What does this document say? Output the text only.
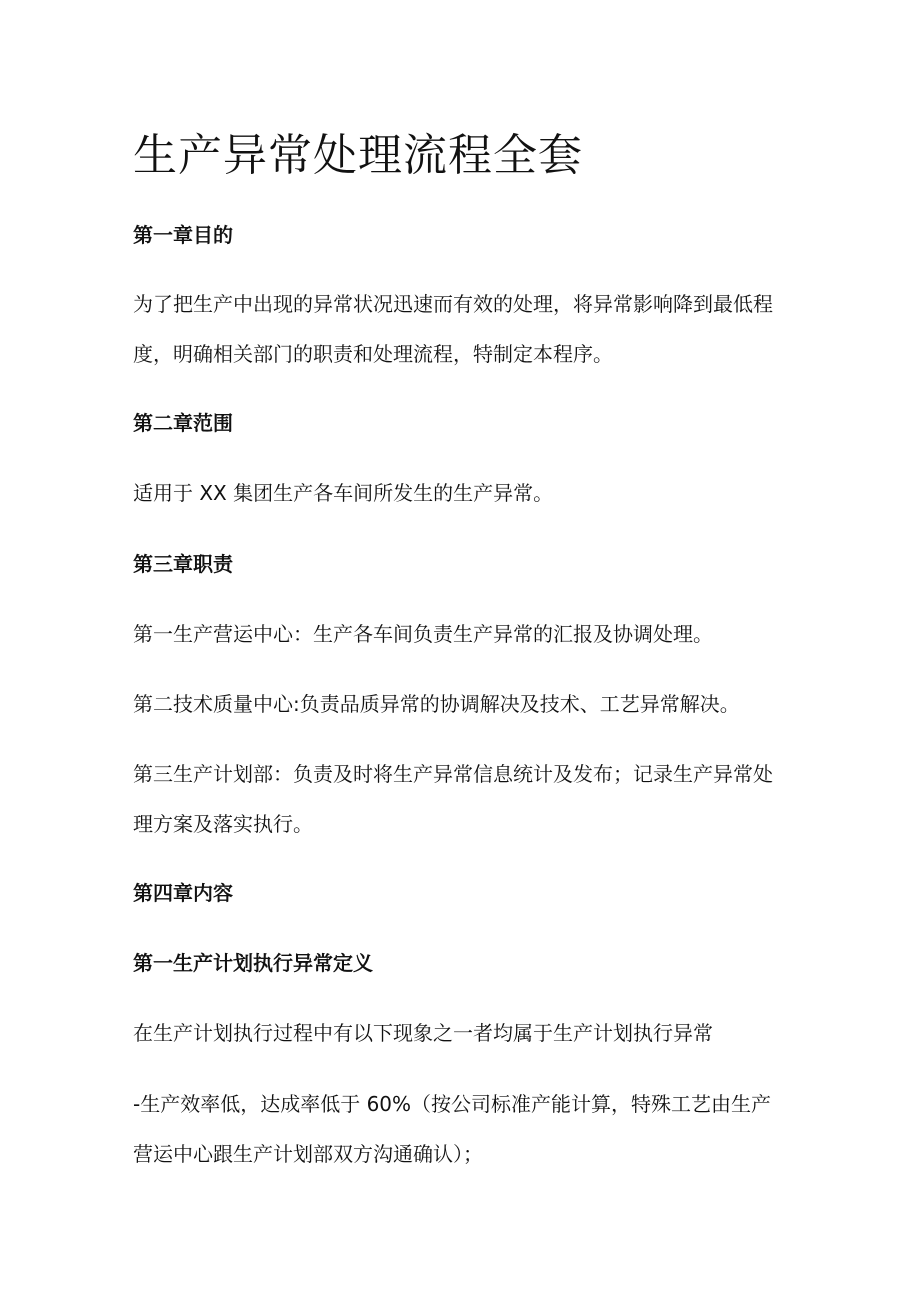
生产异常处理流程全套
第一章目的
为了把生产中出现的异常状况迅速而有效的处理，将异常影响降到最低程
度，明确相关部门的职责和处理流程，特制定本程序。
第二章范围
适用于 XX 集团生产各车间所发生的生产异常。
第三章职责
第一生产营运中心：生产各车间负责生产异常的汇报及协调处理。
第二技术质量中心:负责品质异常的协调解决及技术、工艺异常解决。
第三生产计划部：负责及时将生产异常信息统计及发布；记录生产异常处
理方案及落实执行。
第四章内容
第一生产计划执行异常定义
在生产计划执行过程中有以下现象之一者均属于生产计划执行异常
-生产效率低，达成率低于 60%（按公司标准产能计算，特殊工艺由生产
营运中心跟生产计划部双方沟通确认）；
